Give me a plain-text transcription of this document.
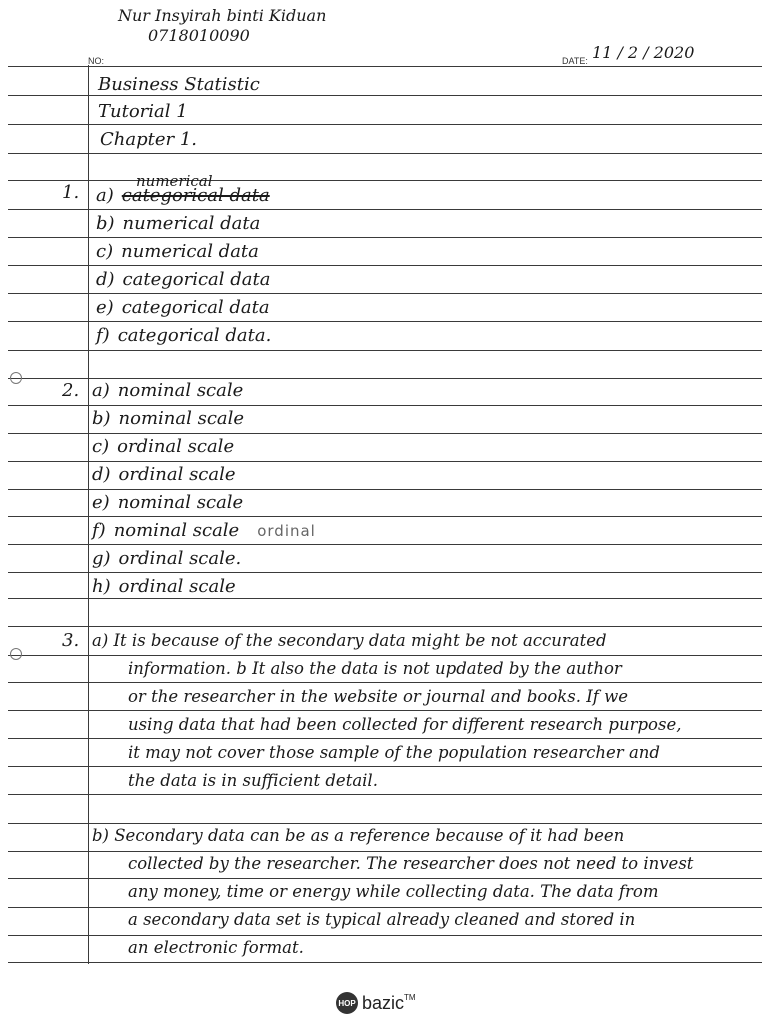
Nur Insyirah binti Kiduan
0718010090
NO:	DATE: 11 / 2 / 2020
Business Statistic
Tutorial 1
Chapter 1.
1.
numerical
a) categorical data
b) numerical data
c) numerical data
d) categorical data
e) categorical data
f) categorical data.
2. a) nominal scale
b) nominal scale
c) ordinal scale
d) ordinal scale
e) nominal scale
f) nominal scale ordinal
g) ordinal scale.
h) ordinal scale
3. a) It is because of the secondary data might be not accurated
information. b It also the data is not updated by the author
or the researcher in the website or journal and books. If we
using data that had been collected for different research purpose,
it may not cover those sample of the population researcher and
the data is in sufficient detail.
b) Secondary data can be as a reference because of it had been
collected by the researcher. The researcher does not need to invest
any money, time or energy while collecting data. The data from
a secondary data set is typical already cleaned and stored in
an electronic format.
HOP bazic™
